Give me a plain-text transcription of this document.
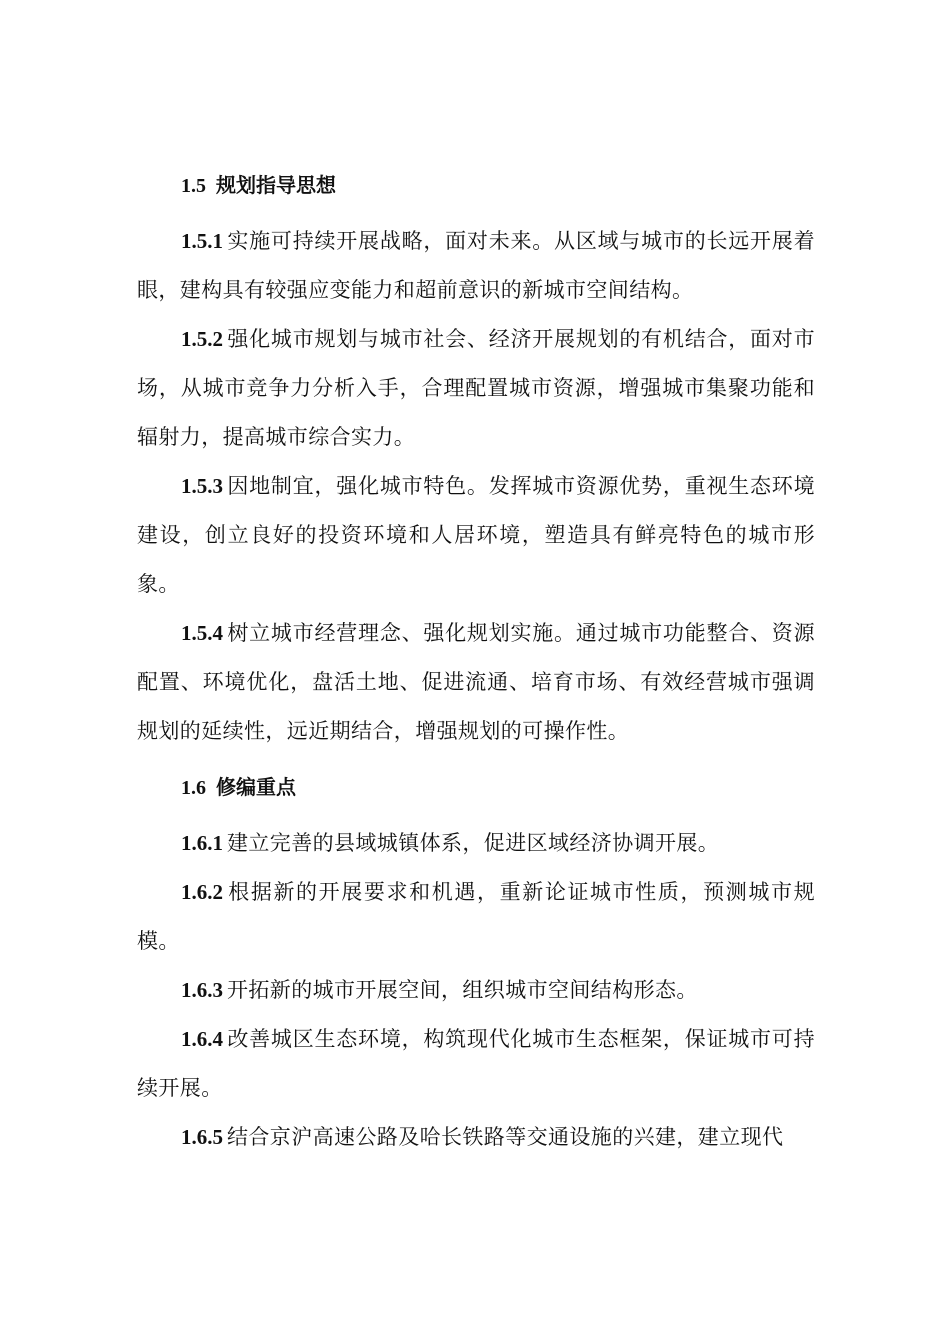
1.5 规划指导思想

1.5.1 实施可持续开展战略，面对未来。从区域与城市的长远开展着眼，建构具有较强应变能力和超前意识的新城市空间结构。

1.5.2 强化城市规划与城市社会、经济开展规划的有机结合，面对市场，从城市竞争力分析入手，合理配置城市资源，增强城市集聚功能和辐射力，提高城市综合实力。

1.5.3 因地制宜，强化城市特色。发挥城市资源优势，重视生态环境建设，创立良好的投资环境和人居环境，塑造具有鲜亮特色的城市形象。

1.5.4 树立城市经营理念、强化规划实施。通过城市功能整合、资源配置、环境优化，盘活土地、促进流通、培育市场、有效经营城市强调规划的延续性，远近期结合，增强规划的可操作性。

1.6 修编重点

1.6.1 建立完善的县域城镇体系，促进区域经济协调开展。

1.6.2 根据新的开展要求和机遇，重新论证城市性质，预测城市规模。

1.6.3 开拓新的城市开展空间，组织城市空间结构形态。

1.6.4 改善城区生态环境，构筑现代化城市生态框架，保证城市可持续开展。

1.6.5 结合京沪高速公路及哈长铁路等交通设施的兴建，建立现代
